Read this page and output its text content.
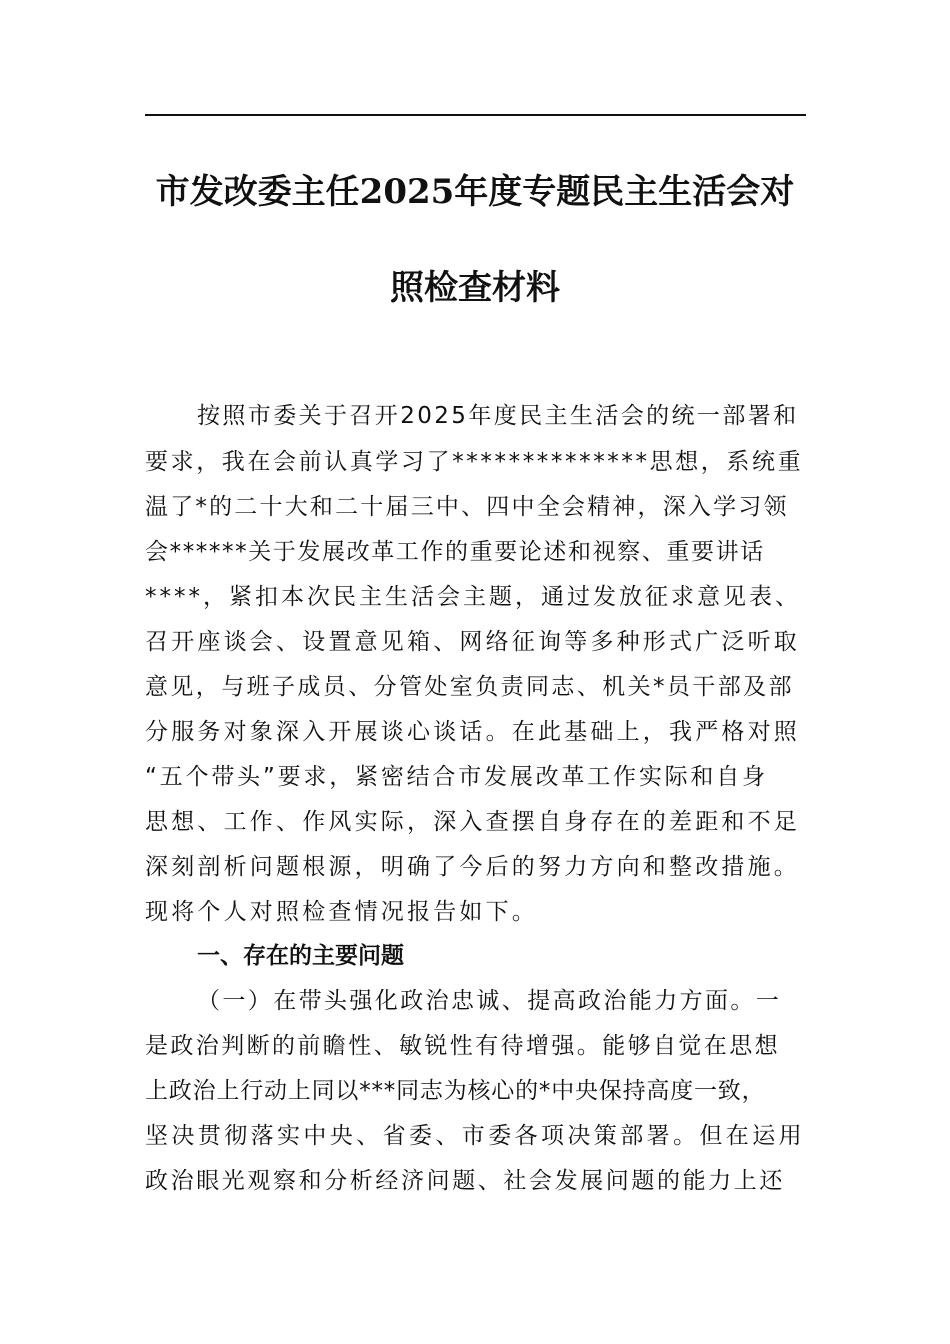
市发改委主任2025年度专题民主生活会对
照检查材料

按照市委关于召开2025年度民主生活会的统一部署和

要求，我在会前认真学习了**************思想，系统重

温了*的二十大和二十届三中、四中全会精神，深入学习领

会******关于发展改革工作的重要论述和视察、重要讲话

****，紧扣本次民主生活会主题，通过发放征求意见表、

召开座谈会、设置意见箱、网络征询等多种形式广泛听取

意见，与班子成员、分管处室负责同志、机关*员干部及部

分服务对象深入开展谈心谈话。在此基础上，我严格对照

“五个带头”要求，紧密结合市发展改革工作实际和自身

思想、工作、作风实际，深入查摆自身存在的差距和不足

深刻剖析问题根源，明确了今后的努力方向和整改措施。

现将个人对照检查情况报告如下。

一、存在的主要问题

（一）在带头强化政治忠诚、提高政治能力方面。一

是政治判断的前瞻性、敏锐性有待增强。能够自觉在思想

上政治上行动上同以***同志为核心的*中央保持高度一致，

坚决贯彻落实中央、省委、市委各项决策部署。但在运用

政治眼光观察和分析经济问题、社会发展问题的能力上还
